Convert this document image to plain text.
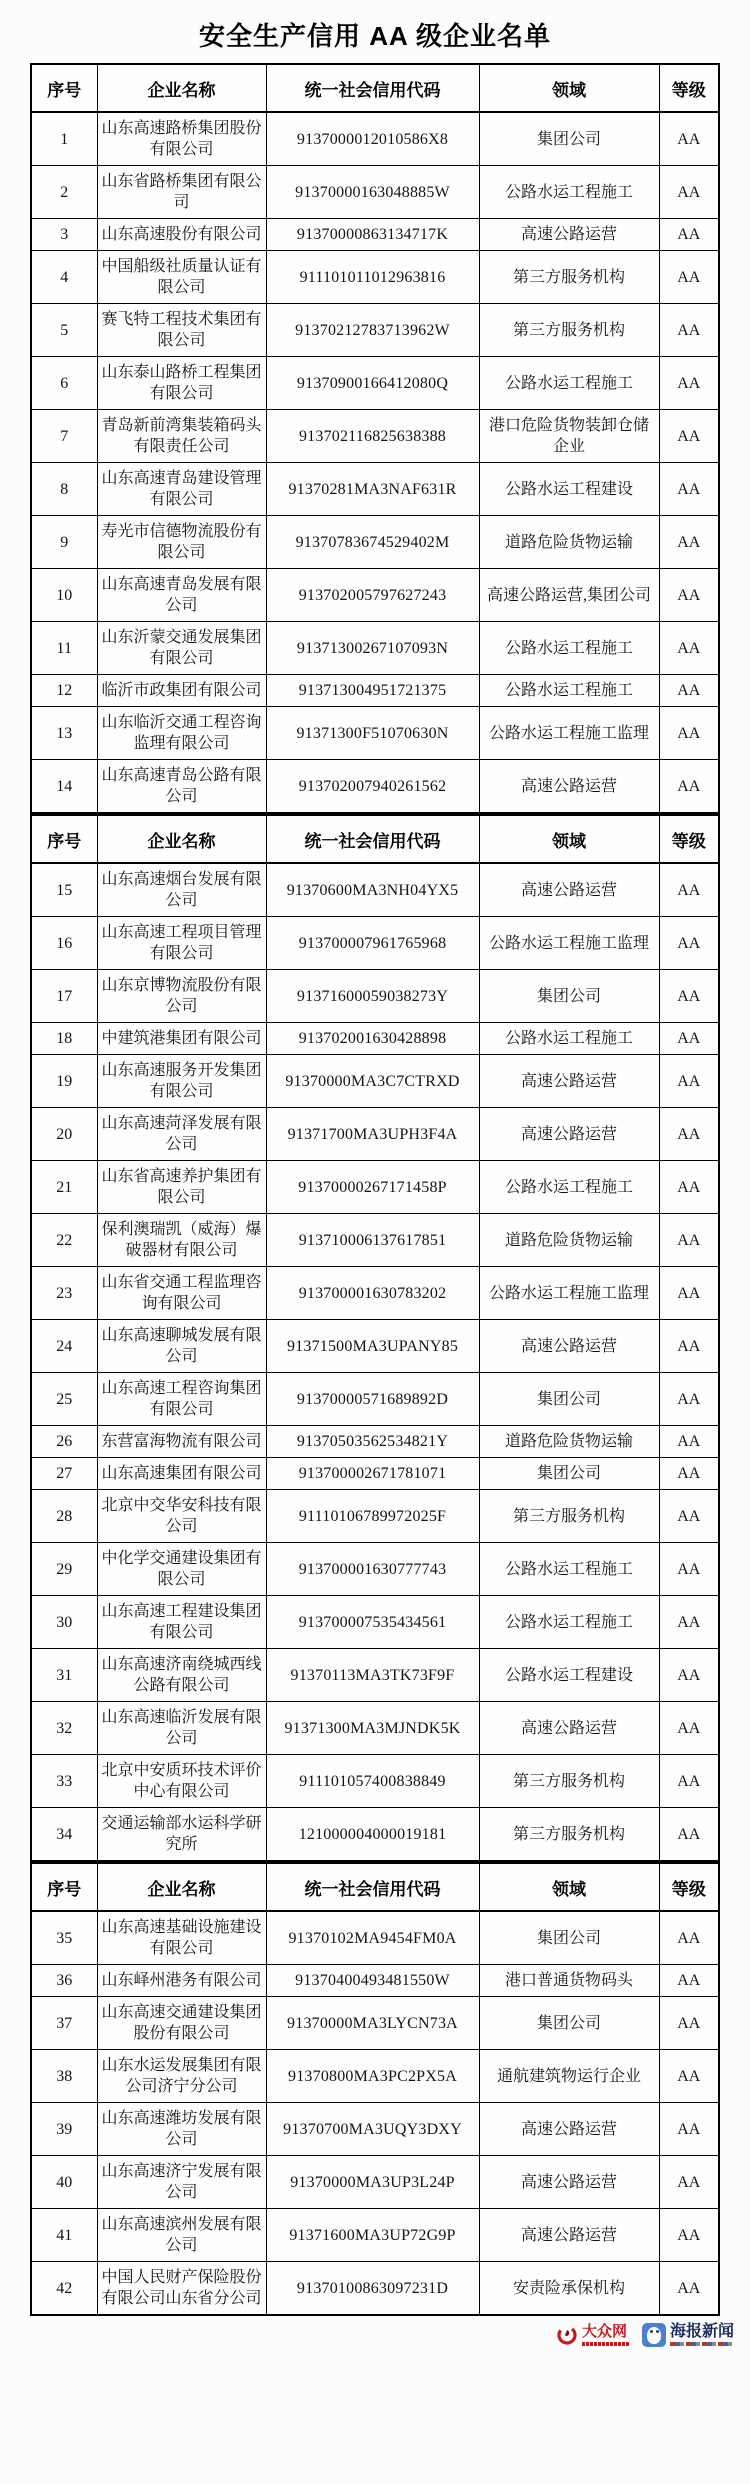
安全生产信用 AA 级企业名单
序号	企业名称	统一社会信用代码	领域	等级
1	山东高速路桥集团股份有限公司	9137000012010586X8	集团公司	AA
2	山东省路桥集团有限公司	91370000163048885W	公路水运工程施工	AA
3	山东高速股份有限公司	91370000863134717K	高速公路运营	AA
4	中国船级社质量认证有限公司	911101011012963816	第三方服务机构	AA
5	赛飞特工程技术集团有限公司	91370212783713962W	第三方服务机构	AA
6	山东泰山路桥工程集团有限公司	91370900166412080Q	公路水运工程施工	AA
7	青岛新前湾集装箱码头有限责任公司	913702116825638388	港口危险货物装卸仓储企业	AA
8	山东高速青岛建设管理有限公司	91370281MA3NAF631R	公路水运工程建设	AA
9	寿光市信德物流股份有限公司	91370783674529402M	道路危险货物运输	AA
10	山东高速青岛发展有限公司	913702005797627243	高速公路运营,集团公司	AA
11	山东沂蒙交通发展集团有限公司	91371300267107093N	公路水运工程施工	AA
12	临沂市政集团有限公司	913713004951721375	公路水运工程施工	AA
13	山东临沂交通工程咨询监理有限公司	91371300F51070630N	公路水运工程施工监理	AA
14	山东高速青岛公路有限公司	913702007940261562	高速公路运营	AA
序号	企业名称	统一社会信用代码	领域	等级
15	山东高速烟台发展有限公司	91370600MA3NH04YX5	高速公路运营	AA
16	山东高速工程项目管理有限公司	913700007961765968	公路水运工程施工监理	AA
17	山东京博物流股份有限公司	91371600059038273Y	集团公司	AA
18	中建筑港集团有限公司	913702001630428898	公路水运工程施工	AA
19	山东高速服务开发集团有限公司	91370000MA3C7CTRXD	高速公路运营	AA
20	山东高速菏泽发展有限公司	91371700MA3UPH3F4A	高速公路运营	AA
21	山东省高速养护集团有限公司	91370000267171458P	公路水运工程施工	AA
22	保利澳瑞凯（威海）爆破器材有限公司	913710006137617851	道路危险货物运输	AA
23	山东省交通工程监理咨询有限公司	913700001630783202	公路水运工程施工监理	AA
24	山东高速聊城发展有限公司	91371500MA3UPANY85	高速公路运营	AA
25	山东高速工程咨询集团有限公司	91370000571689892D	集团公司	AA
26	东营富海物流有限公司	91370503562534821Y	道路危险货物运输	AA
27	山东高速集团有限公司	913700002671781071	集团公司	AA
28	北京中交华安科技有限公司	91110106789972025F	第三方服务机构	AA
29	中化学交通建设集团有限公司	913700001630777743	公路水运工程施工	AA
30	山东高速工程建设集团有限公司	913700007535434561	公路水运工程施工	AA
31	山东高速济南绕城西线公路有限公司	91370113MA3TK73F9F	公路水运工程建设	AA
32	山东高速临沂发展有限公司	91371300MA3MJNDK5K	高速公路运营	AA
33	北京中安质环技术评价中心有限公司	911101057400838849	第三方服务机构	AA
34	交通运输部水运科学研究所	121000004000019181	第三方服务机构	AA
序号	企业名称	统一社会信用代码	领域	等级
35	山东高速基础设施建设有限公司	91370102MA9454FM0A	集团公司	AA
36	山东峄州港务有限公司	91370400493481550W	港口普通货物码头	AA
37	山东高速交通建设集团股份有限公司	91370000MA3LYCN73A	集团公司	AA
38	山东水运发展集团有限公司济宁分公司	91370800MA3PC2PX5A	通航建筑物运行企业	AA
39	山东高速潍坊发展有限公司	91370700MA3UQY3DXY	高速公路运营	AA
40	山东高速济宁发展有限公司	91370000MA3UP3L24P	高速公路运营	AA
41	山东高速滨州发展有限公司	91371600MA3UP72G9P	高速公路运营	AA
42	中国人民财产保险股份有限公司山东省分公司	91370100863097231D	安责险承保机构	AA
大众网	海报新闻
